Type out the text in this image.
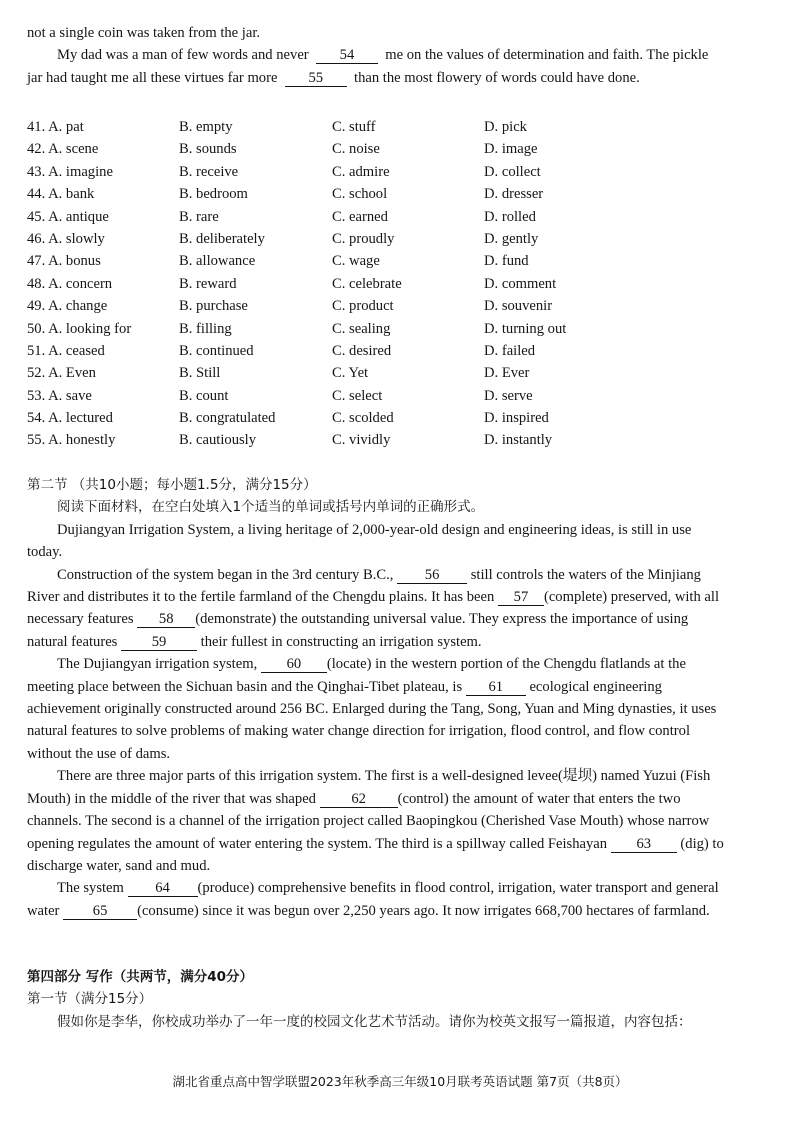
not a single coin was taken from the jar.

My dad was a man of few words and never 54 me on the values of determination and faith. The pickle jar had taught me all these virtues far more 55 than the most flowery of words could have done.

41. A. pat	B. empty	C. stuff	D. pick
42. A. scene	B. sounds	C. noise	D. image
43. A. imagine	B. receive	C. admire	D. collect
44. A. bank	B. bedroom	C. school	D. dresser
45. A. antique	B. rare	C. earned	D. rolled
46. A. slowly	B. deliberately	C. proudly	D. gently
47. A. bonus	B. allowance	C. wage	D. fund
48. A. concern	B. reward	C. celebrate	D. comment
49. A. change	B. purchase	C. product	D. souvenir
50. A. looking for	B. filling	C. sealing	D. turning out
51. A. ceased	B. continued	C. desired	D. failed
52. A. Even	B. Still	C. Yet	D. Ever
53. A. save	B. count	C. select	D. serve
54. A. lectured	B. congratulated	C. scolded	D. inspired
55. A. honestly	B. cautiously	C. vividly	D. instantly

第二节 （共10小题；每小题1.5分，满分15分）

阅读下面材料，在空白处填入1个适当的单词或括号内单词的正确形式。

Dujiangyan Irrigation System, a living heritage of 2,000-year-old design and engineering ideas, is still in use today.

Construction of the system began in the 3rd century B.C., 56 still controls the waters of the Minjiang River and distributes it to the fertile farmland of the Chengdu plains. It has been 57 (complete) preserved, with all necessary features 58 (demonstrate) the outstanding universal value. They express the importance of using natural features 59 their fullest in constructing an irrigation system.

The Dujiangyan irrigation system, 60 (locate) in the western portion of the Chengdu flatlands at the meeting place between the Sichuan basin and the Qinghai-Tibet plateau, is 61 ecological engineering achievement originally constructed around 256 BC. Enlarged during the Tang, Song, Yuan and Ming dynasties, it uses natural features to solve problems of making water change direction for irrigation, flood control, and flow control without the use of dams.

There are three major parts of this irrigation system. The first is a well-designed levee(堤坝) named Yuzui (Fish Mouth) in the middle of the river that was shaped 62 (control) the amount of water that enters the two channels. The second is a channel of the irrigation project called Baopingkou (Cherished Vase Mouth) whose narrow opening regulates the amount of water entering the system. The third is a spillway called Feishayan 63 (dig) to discharge water, sand and mud.

The system 64 (produce) comprehensive benefits in flood control, irrigation, water transport and general water 65 (consume) since it was begun over 2,250 years ago. It now irrigates 668,700 hectares of farmland.

第四部分 写作（共两节，满分40分）

第一节（满分15分）

假如你是李华，你校成功举办了一年一度的校园文化艺术节活动。请你为校英文报写一篇报道，内容包括：

湖北省重点高中智学联盟2023年秋季高三年级10月联考英语试题 第7页（共8页）
